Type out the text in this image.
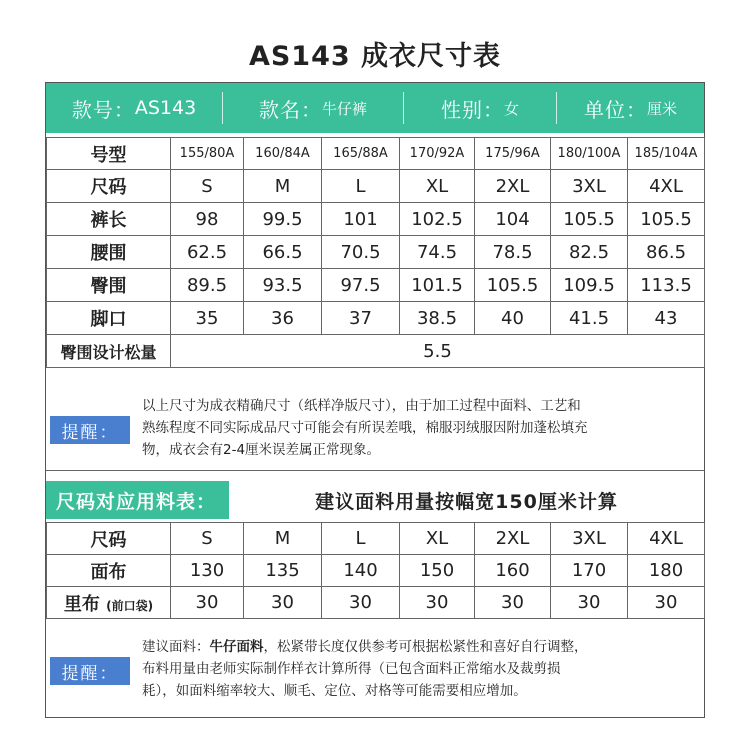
AS143 成衣尺寸表
款号： AS143	款名： 牛仔裤	性别： 女	单位： 厘米
号型	155/80A	160/84A	165/88A	170/92A	175/96A	180/100A	185/104A
尺码	S	M	L	XL	2XL	3XL	4XL
裤长	98	99.5	101	102.5	104	105.5	105.5
腰围	62.5	66.5	70.5	74.5	78.5	82.5	86.5
臀围	89.5	93.5	97.5	101.5	105.5	109.5	113.5
脚口	35	36	37	38.5	40	41.5	43
臀围设计松量	5.5						
提醒：
以上尺寸为成衣精确尺寸（纸样净版尺寸），由于加工过程中面料、工艺和
熟练程度不同实际成品尺寸可能会有所误差哦，棉服羽绒服因附加蓬松填充
物，成衣会有2-4厘米误差属正常现象。
尺码对应用料表：	建议面料用量按幅宽150厘米计算
尺码	S	M	L	XL	2XL	3XL	4XL
面布	130	135	140	150	160	170	180
里布 (前口袋)	30	30	30	30	30	30	30
提醒：
建议面料：牛仔面料，松紧带长度仅供参考可根据松紧性和喜好自行调整，
布料用量由老师实际制作样衣计算所得（已包含面料正常缩水及裁剪损
耗），如面料缩率较大、顺毛、定位、对格等可能需要相应增加。
